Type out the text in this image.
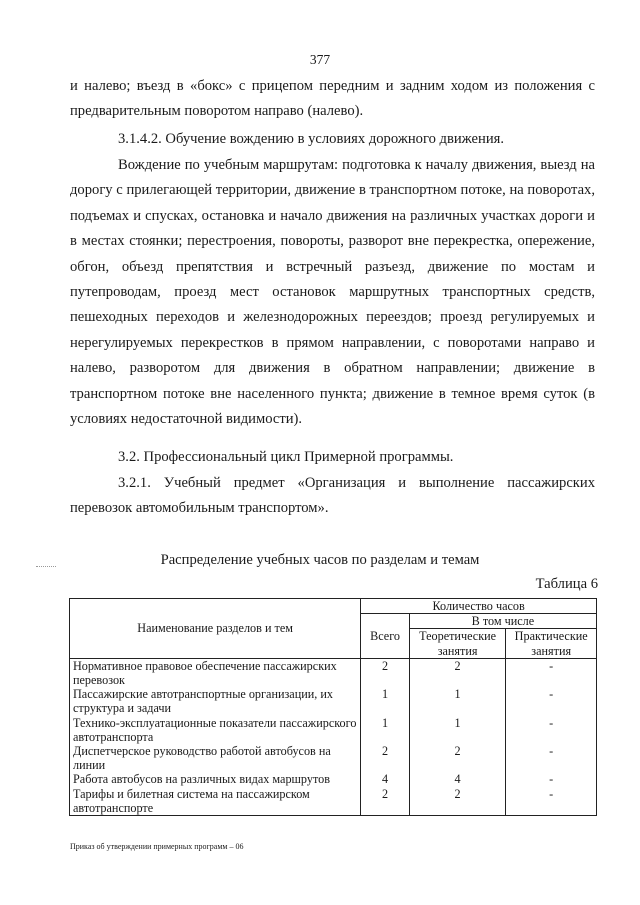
377

и налево; въезд в «бокс» с прицепом передним и задним ходом из положения с предварительным поворотом направо (налево).

3.1.4.2. Обучение вождению в условиях дорожного движения.

Вождение по учебным маршрутам: подготовка к началу движения, выезд на дорогу с прилегающей территории, движение в транспортном потоке, на поворотах, подъемах и спусках, остановка и начало движения на различных участках дороги и в местах стоянки; перестроения, повороты, разворот вне перекрестка, опережение, обгон, объезд препятствия и встречный разъезд, движение по мостам и путепроводам, проезд мест остановок маршрутных транспортных средств, пешеходных переходов и железнодорожных переездов; проезд регулируемых и нерегулируемых перекрестков в прямом направлении, с поворотами направо и налево, разворотом для движения в обратном направлении; движение в транспортном потоке вне населенного пункта; движение в темное время суток (в условиях недостаточной видимости).

3.2. Профессиональный цикл Примерной программы.

3.2.1. Учебный предмет «Организация и выполнение пассажирских перевозок автомобильным транспортом».

Распределение учебных часов по разделам и темам
Таблица 6
Наименование разделов и тем	Количество часов		
	Всего	В том числе	
		Теоретические занятия	Практические занятия
Нормативное правовое обеспечение пассажирских перевозок	2	2	-
Пассажирские автотранспортные организации, их структура и задачи	1	1	-
Технико-эксплуатационные показатели пассажирского автотранспорта	1	1	-
Диспетчерское руководство работой автобусов на линии	2	2	-
Работа автобусов на различных видах маршрутов	4	4	-
Тарифы и билетная система на пассажирском автотранспорте	2	2	-
Приказ об утверждении примерных программ – 06
